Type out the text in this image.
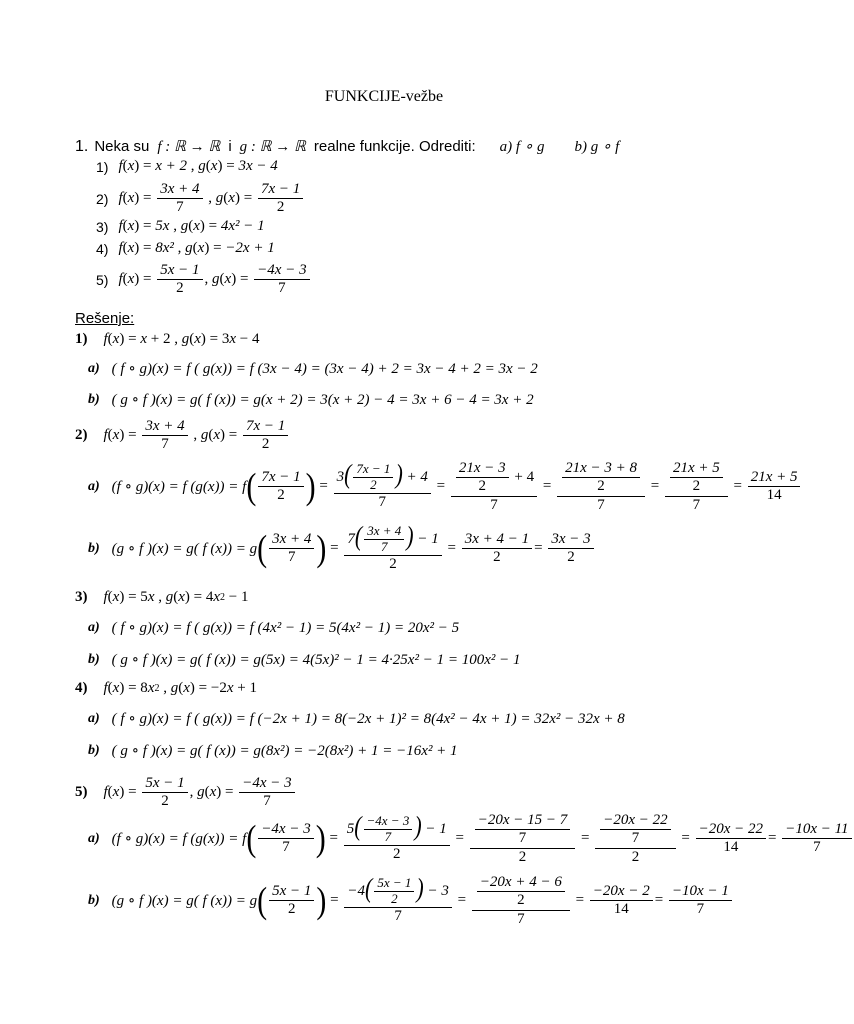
FUNKCIJE-vežbe
1. Neka su f : ℝ → ℝ i g : ℝ → ℝ realne funkcije. Odrediti: a) f ∘ g b) g ∘ f
1) f ( x ) = x + 2 , g ( x ) = 3x − 4
2) f ( x ) = $\frac{3x + 4}{7}$ , g ( x ) = $\frac{7x - 1}{2}$
3) f ( x ) = 5x , g ( x ) = 4x² − 1
4) f ( x ) = 8x² , g ( x ) = −2x + 1
5) f ( x ) = $\frac{5x - 1}{2}$ , g ( x ) = $\frac{-4x - 3}{7}$
Rešenje:
1) f ( x ) = x + 2 , g ( x ) = 3 x − 4
a) ( f ∘ g)(x) = f ( g(x)) = f (3x − 4) = (3x − 4) + 2 = 3x − 4 + 2 = 3x − 2
b) ( g ∘ f )(x) = g( f (x)) = g(x + 2) = 3(x + 2) − 4 = 3x + 6 − 4 = 3x + 2
2) f ( x ) = $\frac{3x + 4}{7}$ , g ( x ) = $\frac{7x - 1}{2}$
a) (f ∘ g)(x) = f (g(x)) = f ( $\frac{7x - 1}{2}$ ) = $\frac{3( \frac{7x - 1}{2} ) + 4}{7} = \frac{\frac{21x - 3}{2} + 4}{7} = \frac{\frac{21x - 3 + 8}{2}}{7} = \frac{\frac{21x + 5}{2}}{7} = \frac{21x + 5}{14}$
b) (g ∘ f )(x) = g( f (x)) = g ( $\frac{3x + 4}{7}$ ) = $\frac{7( \frac{3x + 4}{7} ) - 1}{2} = \frac{3x + 4 - 1}{2} = \frac{3x - 3}{2}$
3) f ( x ) = 5 x , g ( x ) = 4 x 2 − 1
a) ( f ∘ g)(x) = f ( g(x)) = f (4x² − 1) = 5(4x² − 1) = 20x² − 5
b) ( g ∘ f )(x) = g( f (x)) = g(5x) = 4(5x)² − 1 = 4·25x² − 1 = 100x² − 1
4) f ( x ) = 8 x 2 , g ( x ) = −2 x + 1
a) ( f ∘ g)(x) = f ( g(x)) = f (−2x + 1) = 8(−2x + 1)² = 8(4x² − 4x + 1) = 32x² − 32x + 8
b) ( g ∘ f )(x) = g( f (x)) = g(8x²) = −2(8x²) + 1 = −16x² + 1
5) f ( x ) = $\frac{5x - 1}{2}$ , g ( x ) = $\frac{-4x - 3}{7}$
a) (f ∘ g)(x) = f (g(x)) = f ( $\frac{-4x - 3}{7}$ ) = $\frac{5( \frac{-4x - 3}{7} ) - 1}{2} = \frac{\frac{-20x - 15 - 7}{7}}{2} = \frac{\frac{-20x - 22}{7}}{2} = \frac{-20x - 22}{14} = \frac{-10x - 11}{7}$
b) (g ∘ f )(x) = g( f (x)) = g ( $\frac{5x - 1}{2}$ ) = $\frac{-4( \frac{5x - 1}{2} ) - 3}{7} = \frac{\frac{-20x + 4 - 6}{2}}{7} = \frac{-20x - 2}{14} = \frac{-10x - 1}{7}$
